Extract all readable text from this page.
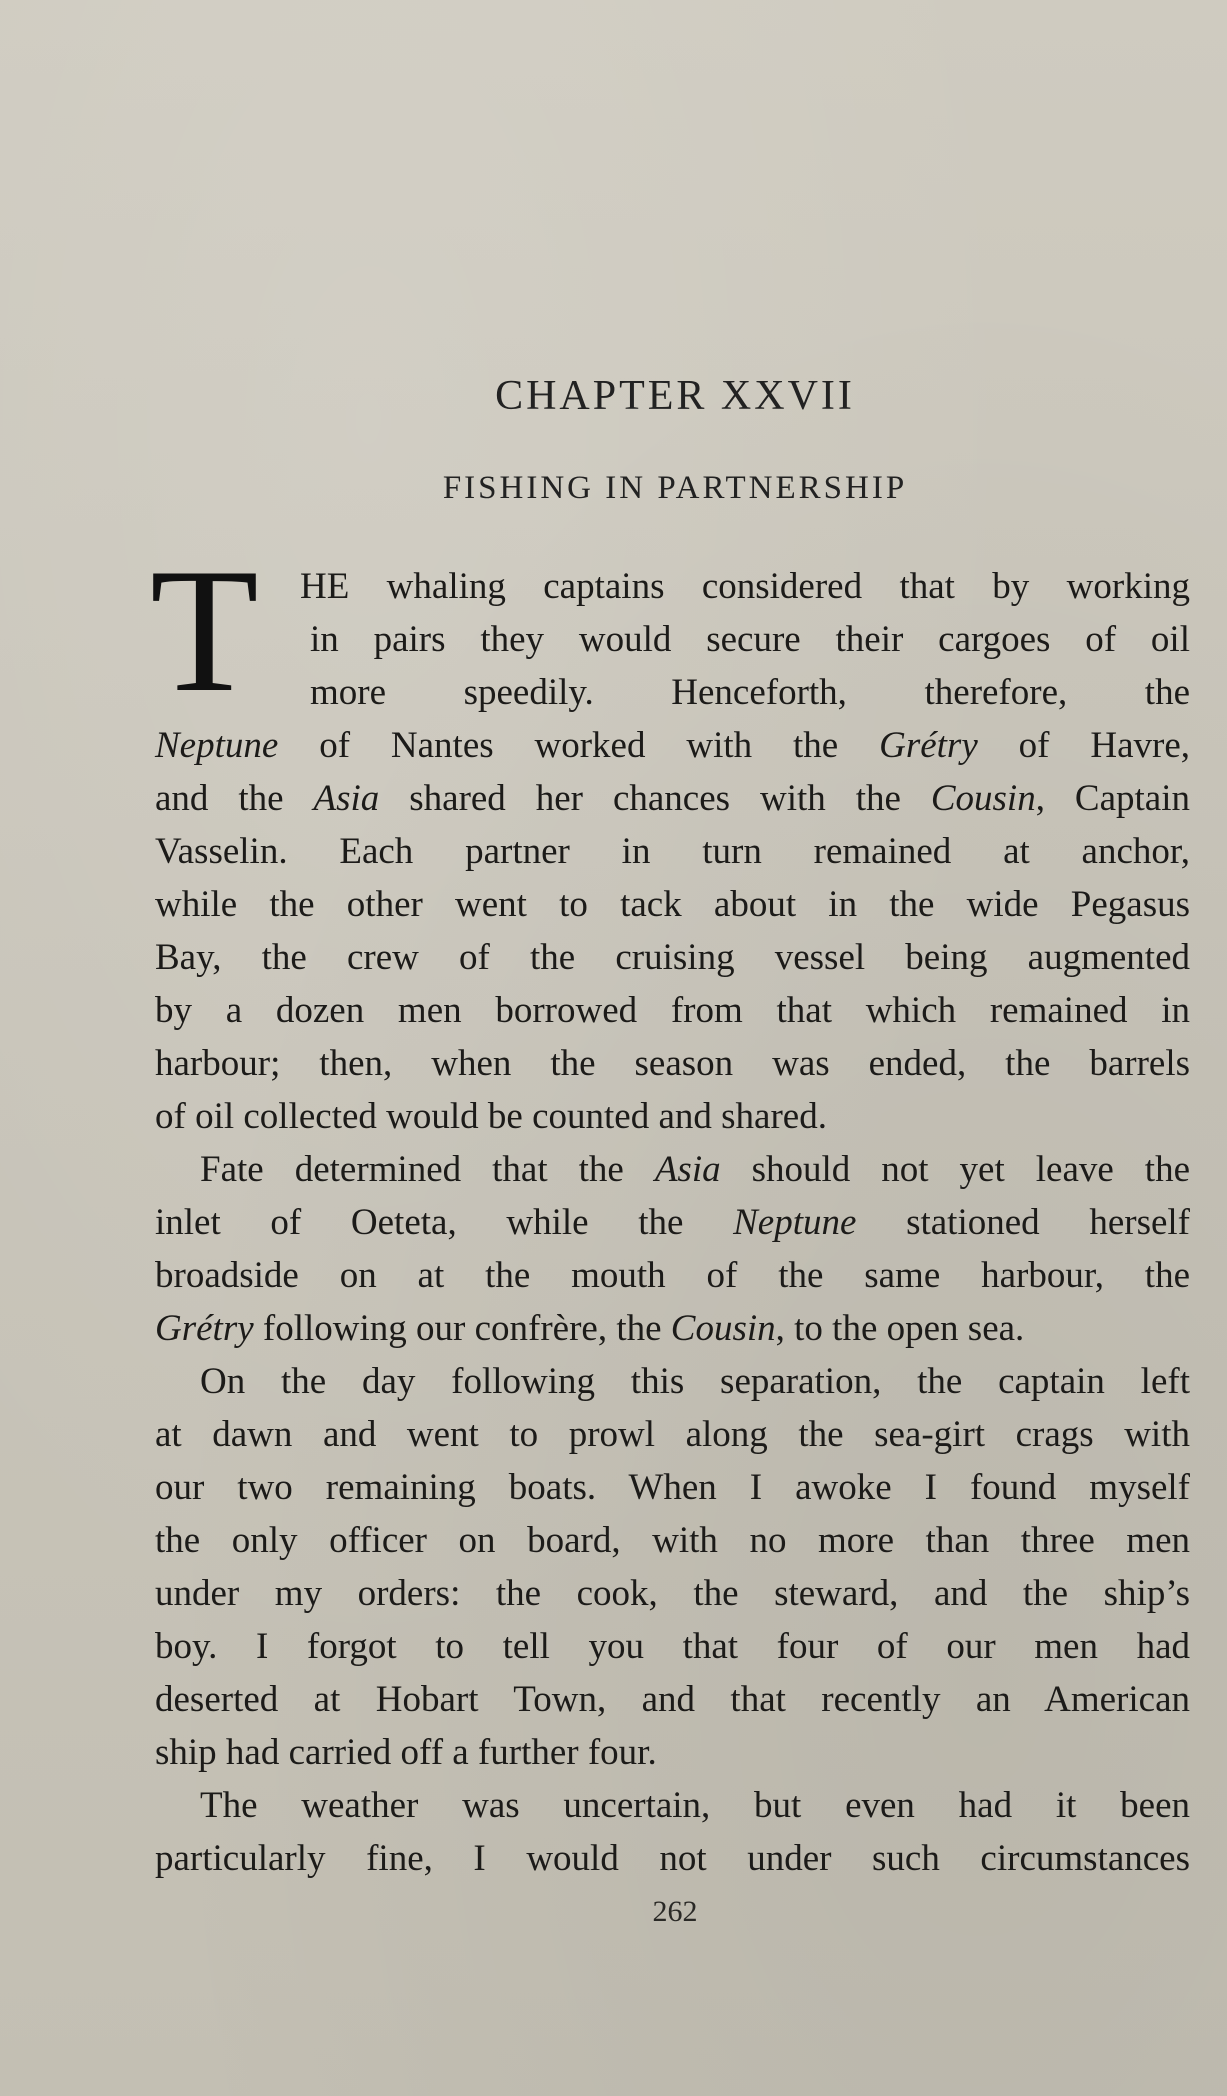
CHAPTER XXVII
FISHING IN PARTNERSHIP
T	HE whaling captains considered that by working
in pairs they would secure their cargoes of oil
more speedily. Henceforth, therefore, the
Neptune of Nantes worked with the Grétry of Havre,
and the Asia shared her chances with the Cousin, Captain
Vasselin. Each partner in turn remained at anchor,
while the other went to tack about in the wide Pegasus
Bay, the crew of the cruising vessel being augmented
by a dozen men borrowed from that which remained in
harbour; then, when the season was ended, the barrels
of oil collected would be counted and shared.
Fate determined that the Asia should not yet leave the
inlet of Oeteta, while the Neptune stationed herself
broadside on at the mouth of the same harbour, the
Grétry following our confrère, the Cousin, to the open sea.
On the day following this separation, the captain left
at dawn and went to prowl along the sea-girt crags with
our two remaining boats. When I awoke I found myself
the only officer on board, with no more than three men
under my orders: the cook, the steward, and the ship’s
boy. I forgot to tell you that four of our men had
deserted at Hobart Town, and that recently an American
ship had carried off a further four.
The weather was uncertain, but even had it been
particularly fine, I would not under such circumstances
262
